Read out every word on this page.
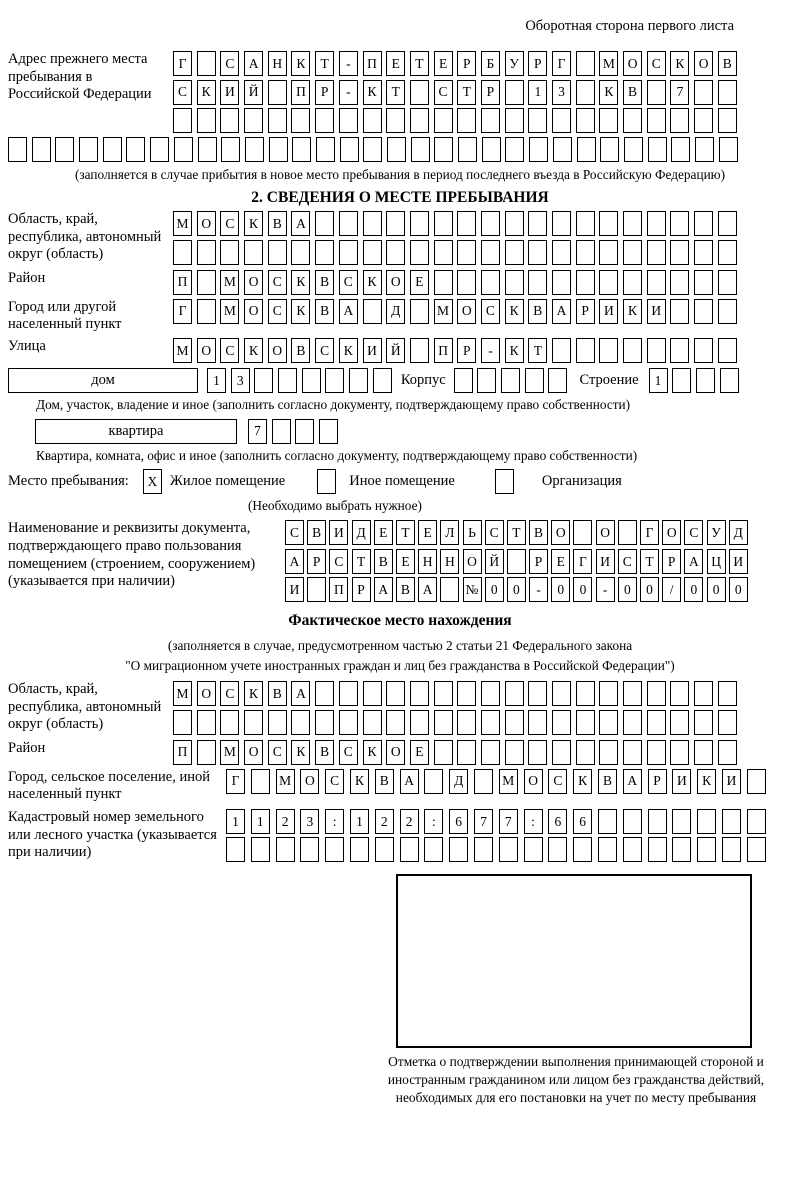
Оборотная сторона первого листа
Адрес прежнего места пребывания в Российской Федерации
Г	С	А	Н	К	Т	-	П	Е	Т	Е	Р	Б	У	Р	Г	М О	С	К	О	В
С	К	И	Й	П	Р	-	К	Т	С	Т	Р	1	3	К	В	7
(заполняется в случае прибытия в новое место пребывания в период последнего въезда в Российскую Федерацию)
2. СВЕДЕНИЯ О МЕСТЕ ПРЕБЫВАНИЯ
Область, край, республика, автономный округ (область)
М О	С	К	В	А
Район	П	М О	С	К	В	С	К	О	Е
Город или другой населенный пункт
Г	М О	С	К	В	А	Д	М О	С	К	В	А	Р	И	К	И
Улица	М О	С	К	О	В	С	К	И	Й	П	Р	-	К	Т
дом	1	3	Корпус	Строение	1
Дом, участок, владение и иное (заполнить согласно документу, подтверждающему право собственности)
квартира	7
Квартира, комната, офис и иное (заполнить согласно документу, подтверждающему право собственности)
Место пребывания:	X Жилое помещение	Иное помещение	Организация
(Необходимо выбрать нужное)
Наименование и реквизиты документа, подтверждающего право пользования помещением (строением, сооружением) (указывается при наличии)
С В И Д Е	Т	Е Л	Ь	С	Т	В О	О	Г О С У Д
А	Р	С	Т	В	Е Н Н О Й	Р	Е	Г И С	Т	Р	А Ц И
И	П	Р	А В А	№ 0	0	-	0	0	-	0	0	/	0	0	0
Фактическое место нахождения
(заполняется в случае, предусмотренном частью 2 статьи 21 Федерального закона
"О миграционном учете иностранных граждан и лиц без гражданства в Российской Федерации")
Область, край, республика, автономный округ (область)
М О	С	К	В	А
Район	П	М О	С	К	В	С	К	О	Е
Город, сельское поселение, иной населенный пункт
Г	М	О	С	К	В	А	Д	М	О	С	К	В	А	Р	И	К	И
Кадастровый номер земельного или лесного участка (указывается при наличии)
1	1	2	3	:	1	2	2	:	6	7	7	:	6	6
Отметка о подтверждении выполнения принимающей стороной и иностранным гражданином или лицом без гражданства действий, необходимых для его постановки на учет по месту пребывания
